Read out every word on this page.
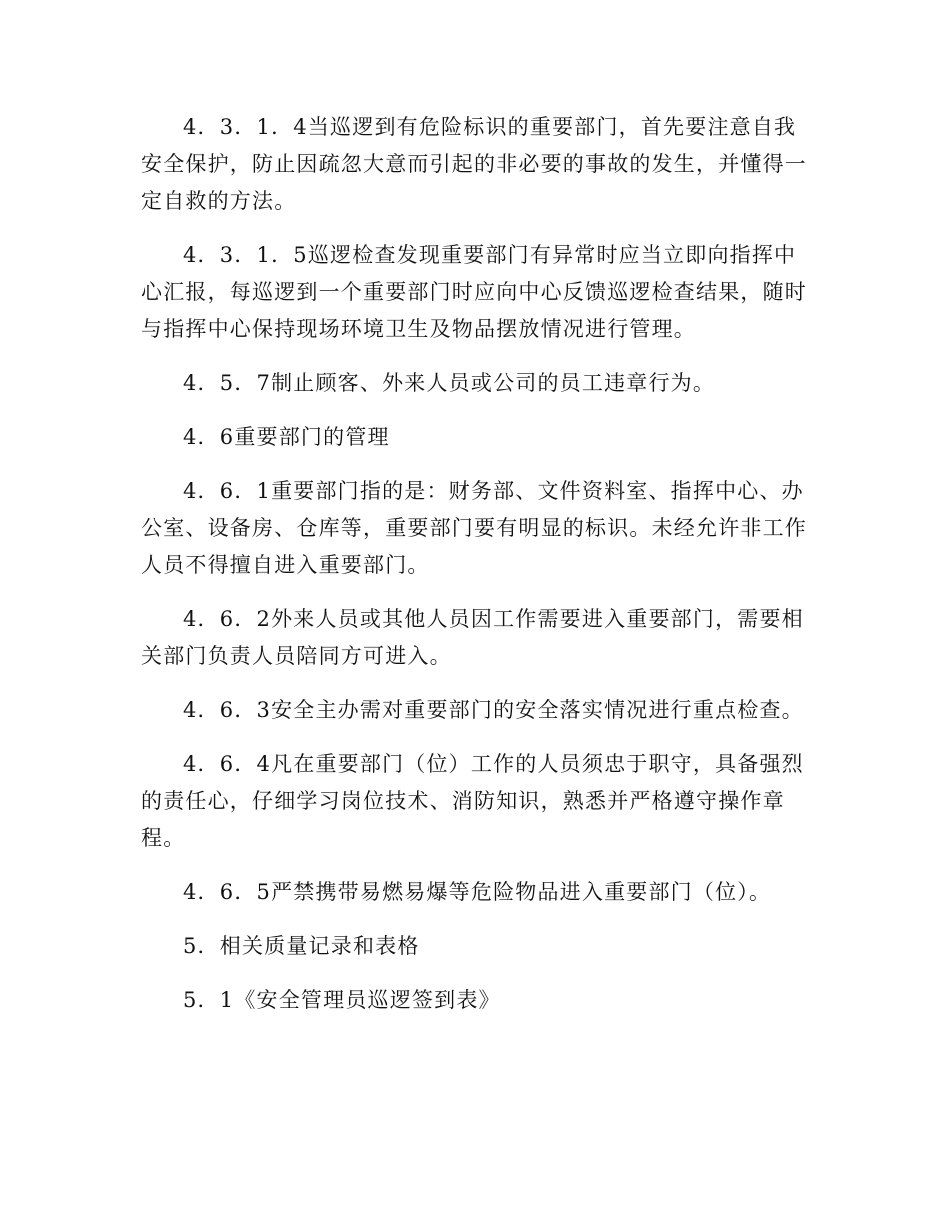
4．3．1．4当巡逻到有危险标识的重要部门，首先要注意自我安全保护，防止因疏忽大意而引起的非必要的事故的发生，并懂得一定自救的方法。

4．3．1．5巡逻检查发现重要部门有异常时应当立即向指挥中心汇报，每巡逻到一个重要部门时应向中心反馈巡逻检查结果，随时与指挥中心保持现场环境卫生及物品摆放情况进行管理。

4．5．7制止顾客、外来人员或公司的员工违章行为。

4．6重要部门的管理

4．6．1重要部门指的是：财务部、文件资料室、指挥中心、办公室、设备房、仓库等，重要部门要有明显的标识。未经允许非工作人员不得擅自进入重要部门。

4．6．2外来人员或其他人员因工作需要进入重要部门，需要相关部门负责人员陪同方可进入。

4．6．3安全主办需对重要部门的安全落实情况进行重点检查。

4．6．4凡在重要部门（位）工作的人员须忠于职守，具备强烈的责任心，仔细学习岗位技术、消防知识，熟悉并严格遵守操作章程。

4．6．5严禁携带易燃易爆等危险物品进入重要部门（位）。

5．相关质量记录和表格

5．1《安全管理员巡逻签到表》
